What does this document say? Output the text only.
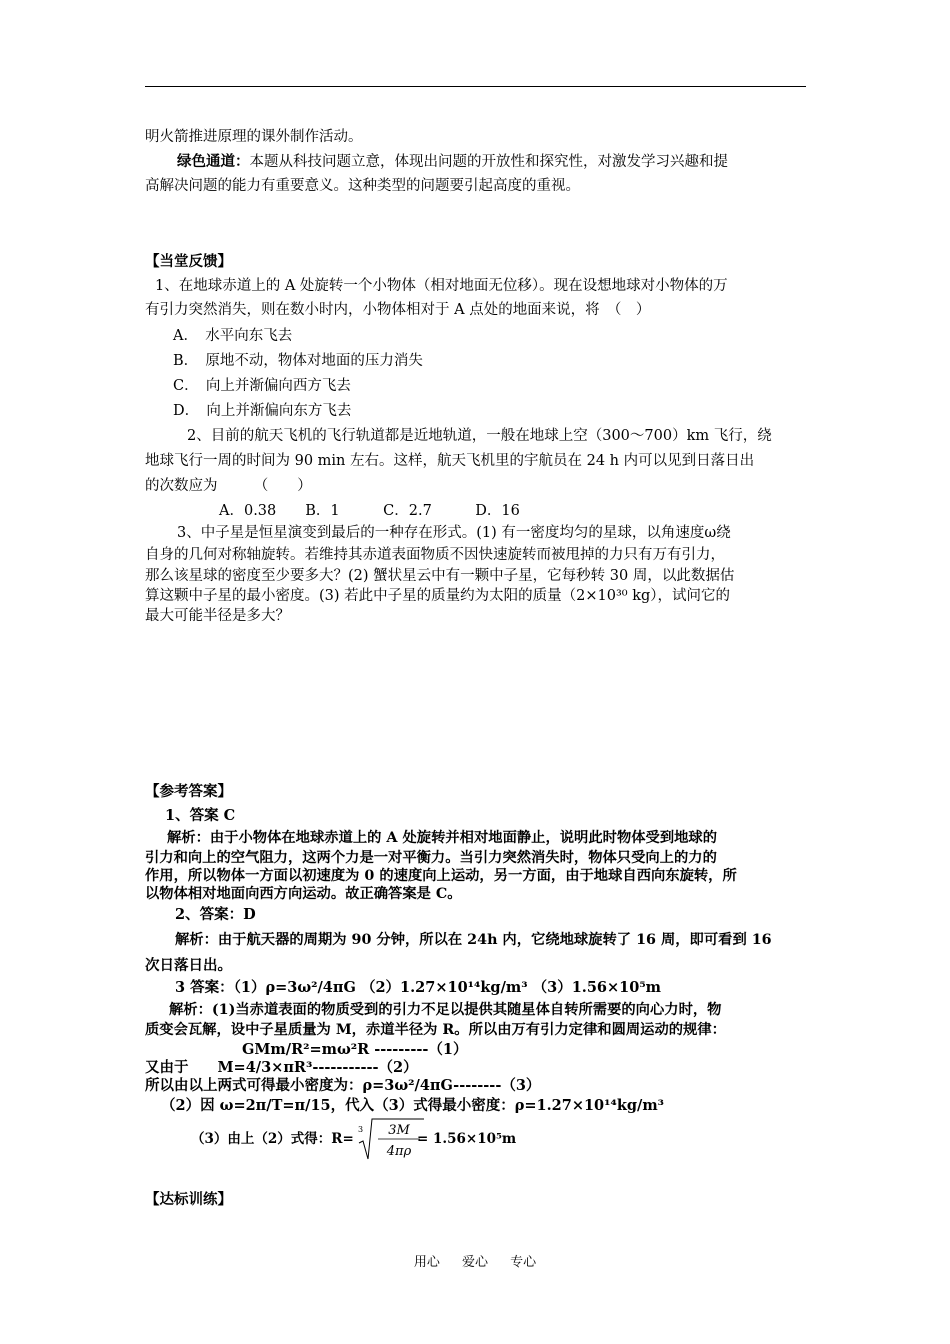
明火箭推进原理的课外制作活动。
绿色通道：本题从科技问题立意，体现出问题的开放性和探究性，对激发学习兴趣和提
高解决问题的能力有重要意义。这种类型的问题要引起高度的重视。
【当堂反馈】
1、在地球赤道上的 A 处旋转一个小物体（相对地面无位移）。现在设想地球对小物体的万
有引力突然消失，则在数小时内，小物体相对于 A 点处的地面来说，将　（　）
A．　水平向东飞去
B．　原地不动，物体对地面的压力消失
C．　向上并渐偏向西方飞去
D．　向上并渐偏向东方飞去
2、目前的航天飞机的飞行轨道都是近地轨道，一般在地球上空（300～700）km 飞行，绕
地球飞行一周的时间为 90 min 左右。这样，航天飞机里的宇航员在 24 h 内可以见到日落日出
的次数应为　　　（　　）
A．0.38　　B．1　　　C．2.7　　　D．16
3、中子星是恒星演变到最后的一种存在形式。(1) 有一密度均匀的星球，以角速度ω绕
自身的几何对称轴旋转。若维持其赤道表面物质不因快速旋转而被甩掉的力只有万有引力，
那么该星球的密度至少要多大？(2) 蟹状星云中有一颗中子星，它每秒转 30 周，以此数据估
算这颗中子星的最小密度。(3) 若此中子星的质量约为太阳的质量（2×10³⁰ kg），试问它的
最大可能半径是多大？
【参考答案】
1、答案 C
解析：由于小物体在地球赤道上的 A 处旋转并相对地面静止，说明此时物体受到地球的
引力和向上的空气阻力，这两个力是一对平衡力。当引力突然消失时，物体只受向上的力的
作用，所以物体一方面以初速度为 0 的速度向上运动，另一方面，由于地球自西向东旋转，所
以物体相对地面向西方向运动。故正确答案是 C。
2、答案：D
解析：由于航天器的周期为 90 分钟，所以在 24h 内，它绕地球旋转了 16 周，即可看到 16
次日落日出。
3 答案：（1）ρ=3ω²/4πG （2）1.27×10¹⁴kg/m³ （3）1.56×10⁵m
解析：(1)当赤道表面的物质受到的引力不足以提供其随星体自转所需要的向心力时，物
质变会瓦解，设中子星质量为 M，赤道半径为 R。所以由万有引力定律和圆周运动的规律：
GMm/R²=mω²R ---------（1）
又由于　　M=4/3×πR³-----------（2）
所以由以上两式可得最小密度为：ρ=3ω²/4πG--------（3）
（2）因 ω=2π/T=π/15，代入（3）式得最小密度：ρ=1.27×10¹⁴kg/m³
（3）由上（2）式得：R=
3 3M
4πρ
= 1.56×10⁵m
【达标训练】
用心 爱心 专心
